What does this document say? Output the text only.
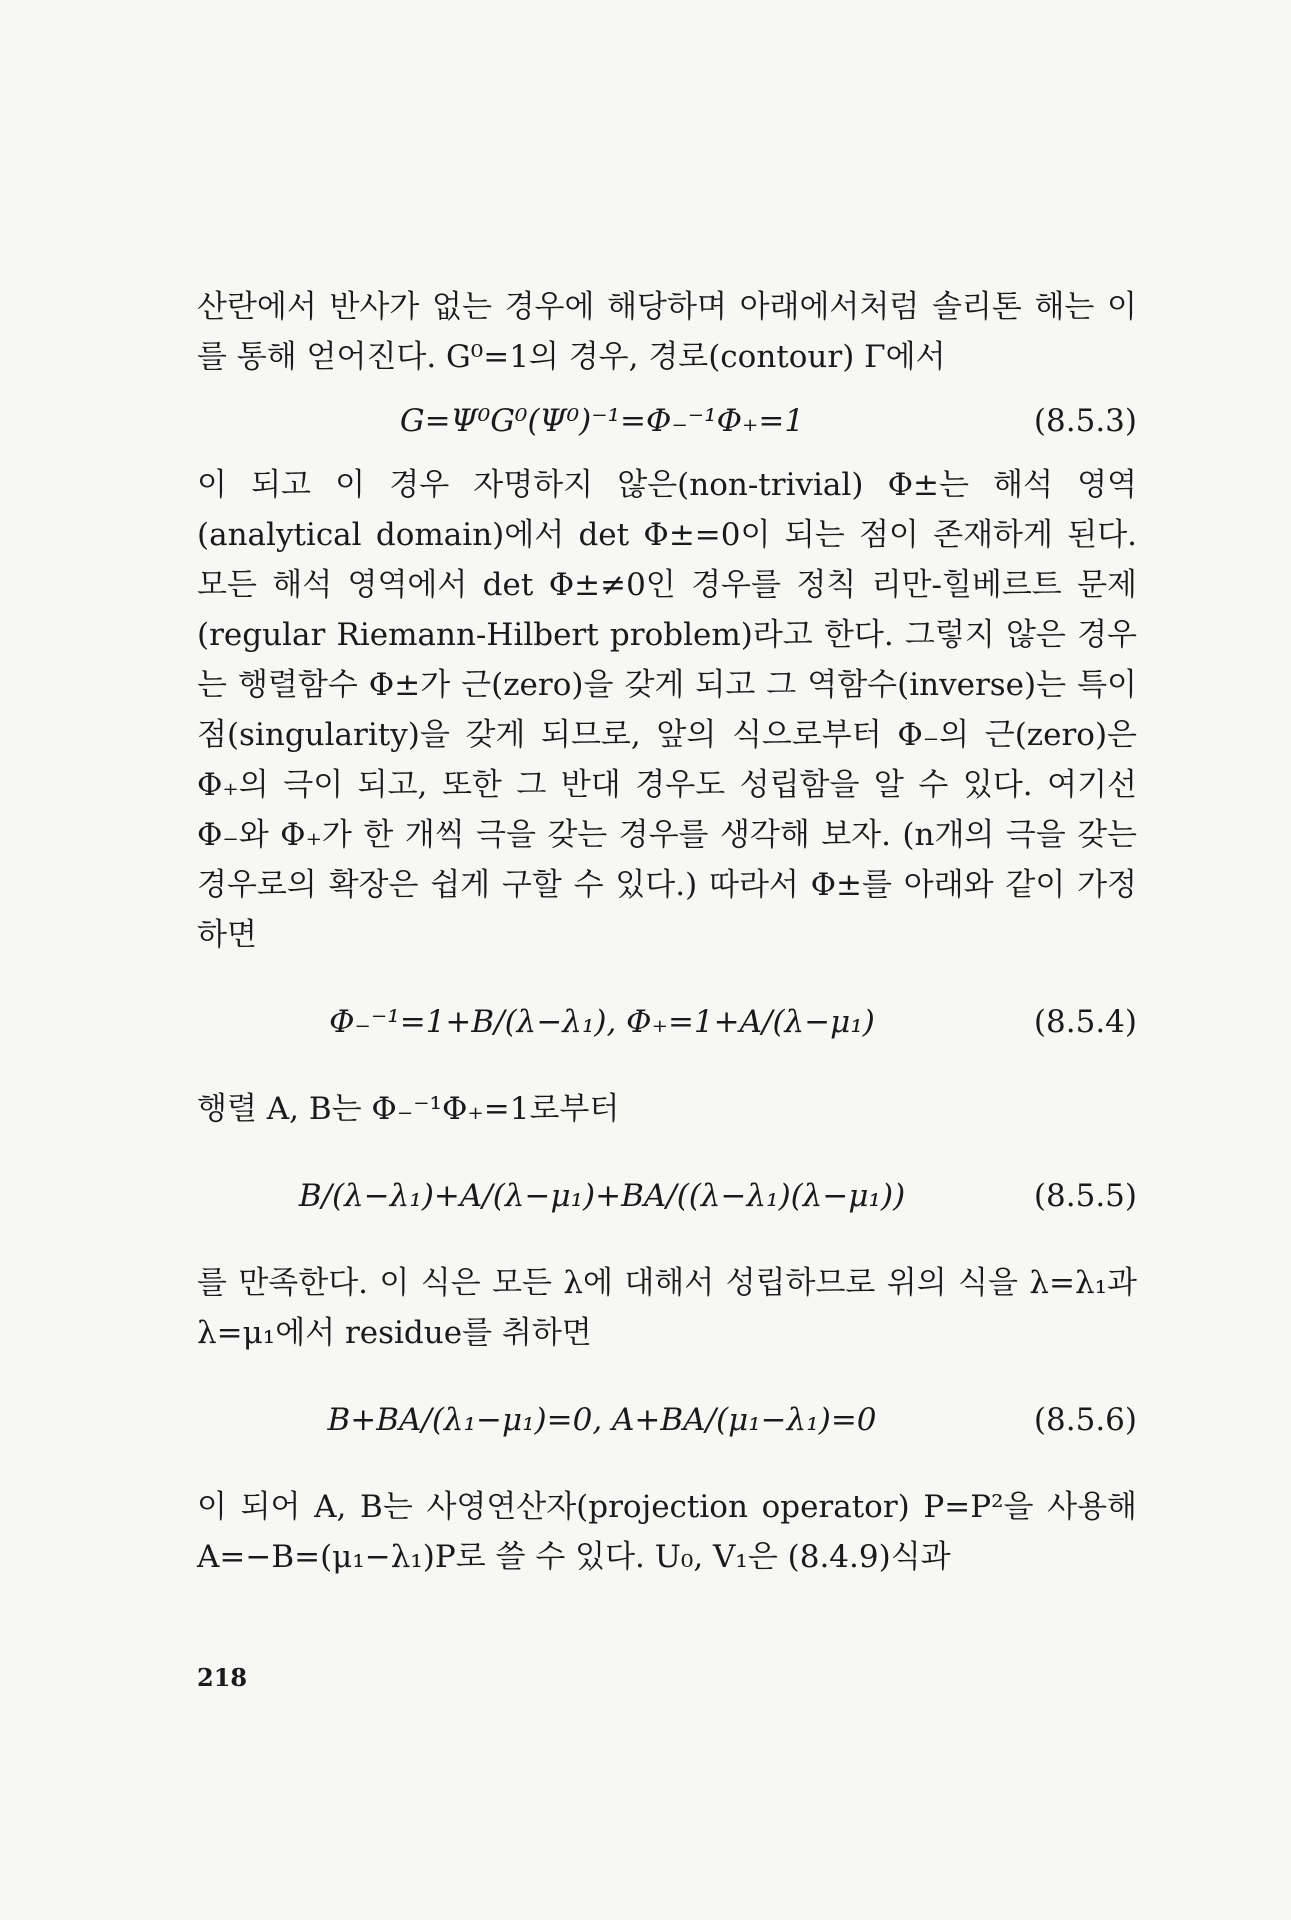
산란에서 반사가 없는 경우에 해당하며 아래에서처럼 솔리톤 해는 이를 통해 얻어진다. G⁰=1의 경우, 경로(contour) Γ에서
G=Ψ⁰G⁰(Ψ⁰)⁻¹=Φ₋⁻¹Φ₊=1	(8.5.3)
이 되고 이 경우 자명하지 않은(non-trivial) Φ±는 해석 영역(analytical domain)에서 det Φ±=0이 되는 점이 존재하게 된다. 모든 해석 영역에서 det Φ±≠0인 경우를 정칙 리만-힐베르트 문제(regular Riemann-Hilbert problem)라고 한다. 그렇지 않은 경우는 행렬함수 Φ±가 근(zero)을 갖게 되고 그 역함수(inverse)는 특이점(singularity)을 갖게 되므로, 앞의 식으로부터 Φ₋의 근(zero)은 Φ₊의 극이 되고, 또한 그 반대 경우도 성립함을 알 수 있다. 여기선 Φ₋와 Φ₊가 한 개씩 극을 갖는 경우를 생각해 보자. (n개의 극을 갖는 경우로의 확장은 쉽게 구할 수 있다.) 따라서 Φ±를 아래와 같이 가정하면
Φ₋⁻¹=1+B/(λ−λ₁), Φ₊=1+A/(λ−μ₁)	(8.5.4)
행렬 A, B는 Φ₋⁻¹Φ₊=1로부터
B/(λ−λ₁)+A/(λ−μ₁)+BA/((λ−λ₁)(λ−μ₁))	(8.5.5)
를 만족한다. 이 식은 모든 λ에 대해서 성립하므로 위의 식을 λ=λ₁과 λ=μ₁에서 residue를 취하면
B+BA/(λ₁−μ₁)=0, A+BA/(μ₁−λ₁)=0	(8.5.6)
이 되어 A, B는 사영연산자(projection operator) P=P²을 사용해 A=−B=(μ₁−λ₁)P로 쓸 수 있다. U₀, V₁은 (8.4.9)식과
218
